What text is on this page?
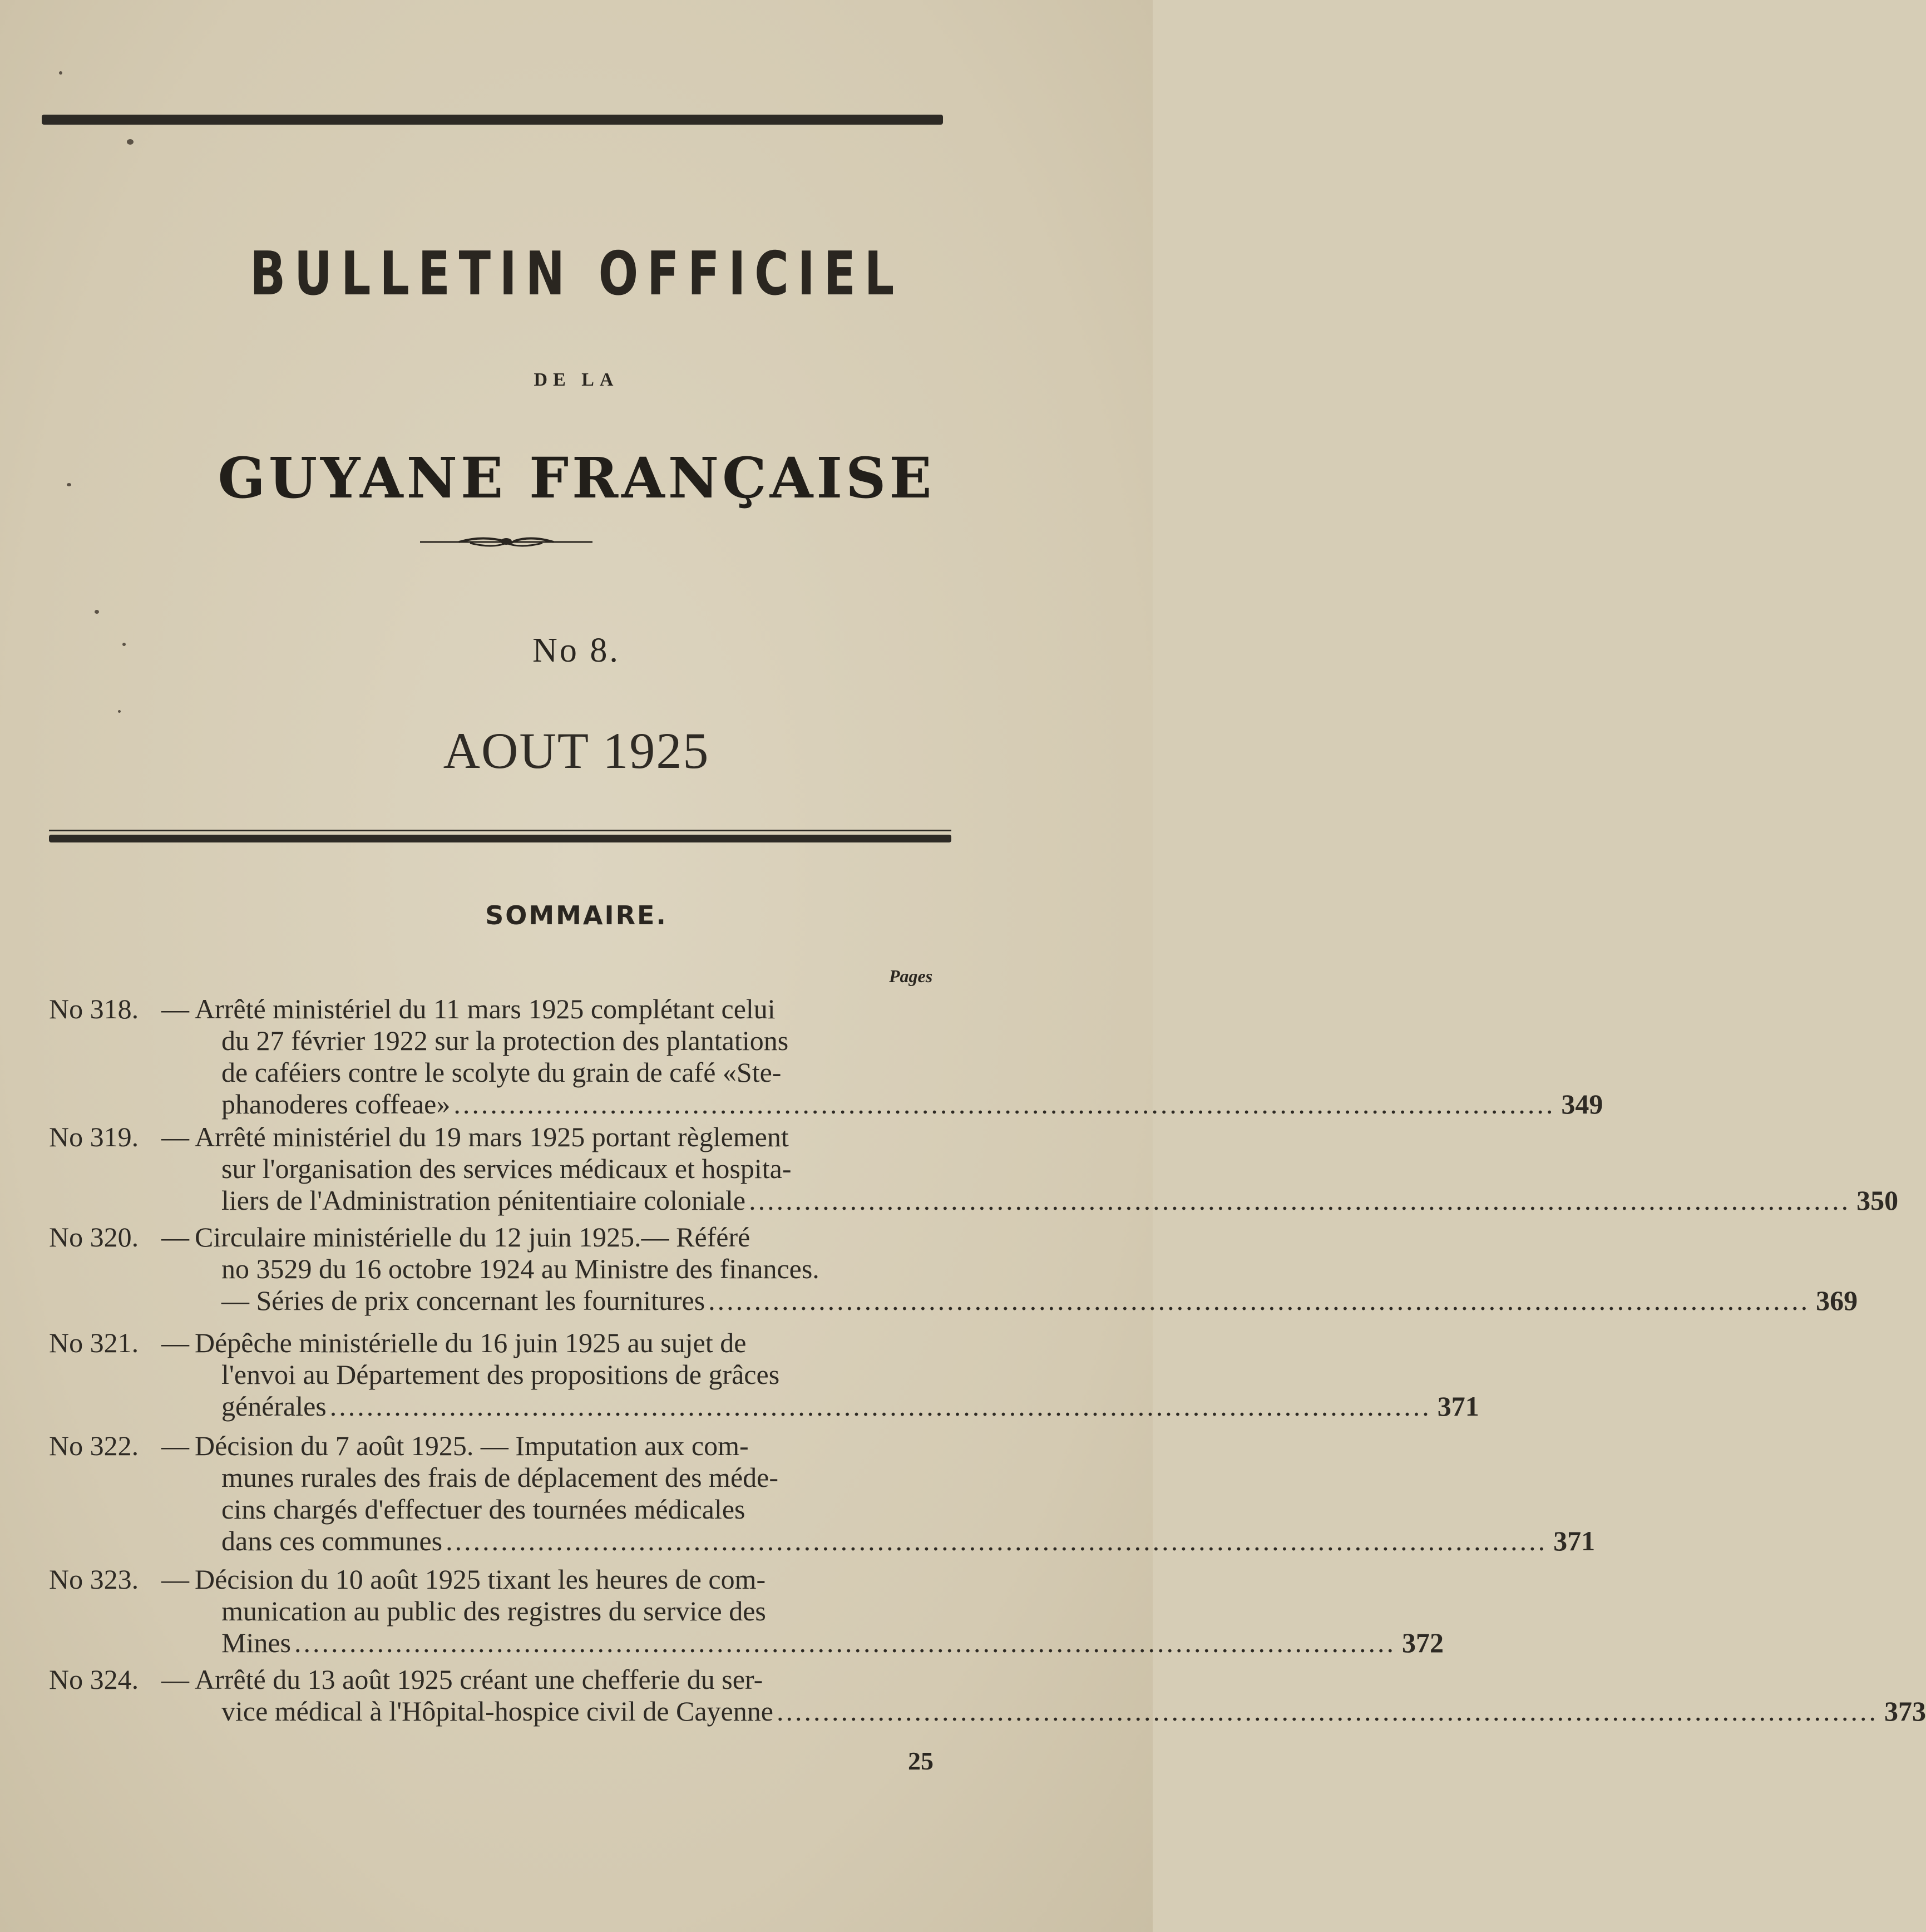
BULLETIN OFFICIEL
DE LA
GUYANE FRANÇAISE
No 8.
AOUT 1925
SOMMAIRE.
Pages
No 318. — Arrêté ministériel du 11 mars 1925 complétant celui
du 27 février 1922 sur la protection des plantations
de caféiers contre le scolyte du grain de café «Ste-
phanoderes coffeae» ........................................................................................................................ 349
No 319. — Arrêté ministériel du 19 mars 1925 portant règlement
sur l'organisation des services médicaux et hospita-
liers de l'Administration pénitentiaire coloniale ........................................................................................................................ 350
No 320. — Circulaire ministérielle du 12 juin 1925.— Référé
no 3529 du 16 octobre 1924 au Ministre des finances.
— Séries de prix concernant les fournitures ........................................................................................................................ 369
No 321. — Dépêche ministérielle du 16 juin 1925 au sujet de
l'envoi au Département des propositions de grâces
générales ........................................................................................................................ 371
No 322. — Décision du 7 août 1925. — Imputation aux com-
munes rurales des frais de déplacement des méde-
cins chargés d'effectuer des tournées médicales
dans ces communes ........................................................................................................................ 371
No 323. — Décision du 10 août 1925 tixant les heures de com-
munication au public des registres du service des
Mines ........................................................................................................................ 372
No 324. — Arrêté du 13 août 1925 créant une chefferie du ser-
vice médical à l'Hôpital-hospice civil de Cayenne ........................................................................................................................ 373
25
